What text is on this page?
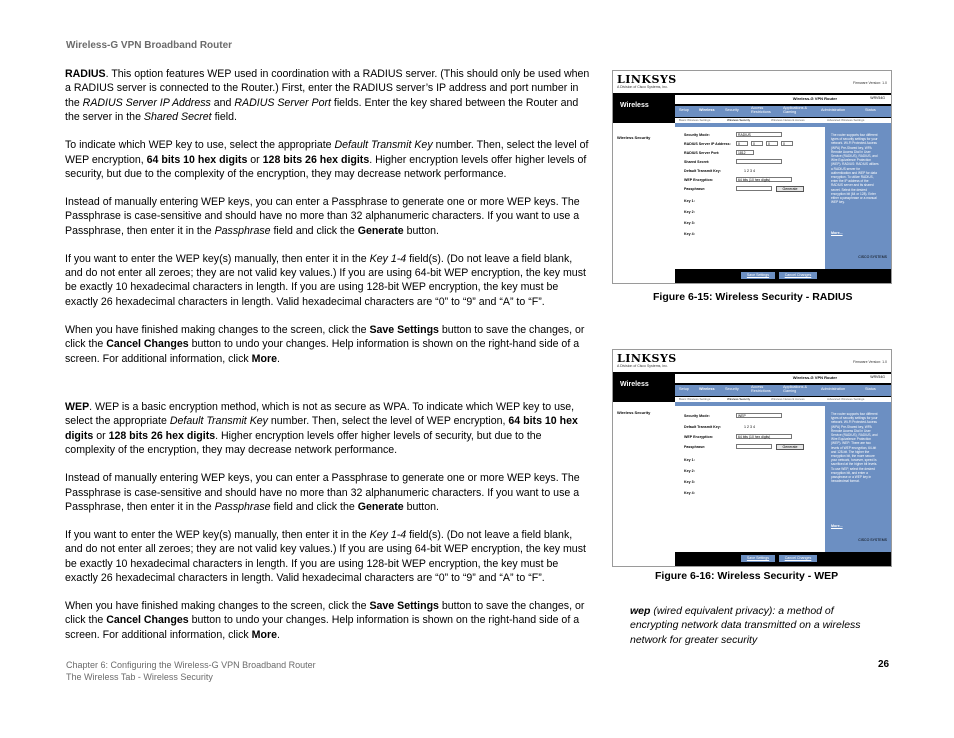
Wireless-G VPN Broadband Router

RADIUS. This option features WEP used in coordination with a RADIUS server. (This should only be used when a RADIUS server is connected to the Router.) First, enter the RADIUS server’s IP address and port number in the RADIUS Server IP Address and RADIUS Server Port fields. Enter the key shared between the Router and the server in the Shared Secret field.

To indicate which WEP key to use, select the appropriate Default Transmit Key number. Then, select the level of WEP encryption, 64 bits 10 hex digits or 128 bits 26 hex digits. Higher encryption levels offer higher levels of security, but due to the complexity of the encryption, they may decrease network performance.

Instead of manually entering WEP keys, you can enter a Passphrase to generate one or more WEP keys. The Passphrase is case-sensitive and should have no more than 32 alphanumeric characters. If you want to use a Passphrase, then enter it in the Passphrase field and click the Generate button.

If you want to enter the WEP key(s) manually, then enter it in the Key 1-4 field(s). (Do not leave a field blank, and do not enter all zeroes; they are not valid key values.) If you are using 64-bit WEP encryption, the key must be exactly 10 hexadecimal characters in length. If you are using 128-bit WEP encryption, the key must be exactly 26 hexadecimal characters in length. Valid hexadecimal characters are “0” to “9” and “A” to “F”.

When you have finished making changes to the screen, click the Save Settings button to save the changes, or click the Cancel Changes button to undo your changes. Help information is shown on the right-hand side of a screen. For additional information, click More.

WEP. WEP is a basic encryption method, which is not as secure as WPA. To indicate which WEP key to use, select the appropriate Default Transmit Key number. Then, select the level of WEP encryption, 64 bits 10 hex digits or 128 bits 26 hex digits. Higher encryption levels offer higher levels of security, but due to the complexity of the encryption, they may decrease network performance.

Instead of manually entering WEP keys, you can enter a Passphrase to generate one or more WEP keys. The Passphrase is case-sensitive and should have no more than 32 alphanumeric characters. If you want to use a Passphrase, then enter it in the Passphrase field and click the Generate button.

If you want to enter the WEP key(s) manually, then enter it in the Key 1-4 field(s). (Do not leave a field blank, and do not enter all zeroes; they are not valid key values.) If you are using 64-bit WEP encryption, the key must be exactly 10 hexadecimal characters in length. If you are using 128-bit WEP encryption, the key must be exactly 26 hexadecimal characters in length. Valid hexadecimal characters are “0” to “9” and “A” to “F”.

When you have finished making changes to the screen, click the Save Settings button to save the changes, or click the Cancel Changes button to undo your changes. Help information is shown on the right-hand side of a screen. For additional information, click More.

LINKSYS
A Division of Cisco Systems, Inc.
Firmware Version: 1.0
Wireless
Wireless-G VPN Router	WRV54G
Setup	Wireless	Security	Access Restrictions
Applications & Gaming	Administration	Status
Basic Wireless Settings	Wireless Security	Wireless Network Access	Advanced Wireless Settings
Wireless Security	Security Mode:	RADIUS
RADIUS Server IP Address:	0	0	0	0
RADIUS Server Port:	1812
Shared Secret:
Default Transmit Key:	1 2 3 4
WEP Encryption:	64 bits (10 hex digits)
Passphrase:	Generate
Key 1:
Key 2:
Key 3:
Key 4:
The router supports four different types of security settings for your network. Wi-Fi Protected Access (WPA) Pre-Shared key, WPA Remote Access Dial In User Service (RADIUS), RADIUS, and Wire Equivalence Protection (WEP). RADIUS: RADIUS utilizes a RADIUS server for authentication and WEP for data encryption. To utilize RADIUS, enter the IP address of the RADIUS server and its shared secret. Select the desired encryption bit (64 or 128). Enter either a passphrase or a manual WEP key.
More...
CISCO SYSTEMS
Save Settings	Cancel Changes
Figure 6-15: Wireless Security - RADIUS
LINKSYS
A Division of Cisco Systems, Inc.
Firmware Version: 1.0
Wireless
Wireless-G VPN Router	WRV54G
Setup	Wireless	Security	Access Restrictions
Applications & Gaming	Administration	Status
Basic Wireless Settings	Wireless Security	Wireless Network Access	Advanced Wireless Settings
Wireless Security
Security Mode:	WEP
Default Transmit Key:	1 2 3 4
WEP Encryption:	64 bits (10 hex digits)
Passphrase:	Generate
Key 1:
Key 2:
Key 3:
Key 4:
The router supports four different types of security settings for your network. Wi-Fi Protected Access (WPA) Pre-Shared key, WPA Remote Access Dial In User Service (RADIUS), RADIUS, and Wire Equivalence Protection (WEP). WEP: There are two levels of WEP encryption, 64-bit and 128-bit. The higher the encryption bit, the more secure your network, however, speed is sacrificed at the higher bit levels. To use WEP, select the desired encryption bit, and enter a passphrase or a WEP key in hexadecimal format.
More...
CISCO SYSTEMS
Save Settings	Cancel Changes
Figure 6-16: Wireless Security - WEP
wep (wired equivalent privacy): a method of encrypting network data transmitted on a wireless network for greater security
Chapter 6: Configuring the Wireless-G VPN Broadband Router
The Wireless Tab - Wireless Security
26
